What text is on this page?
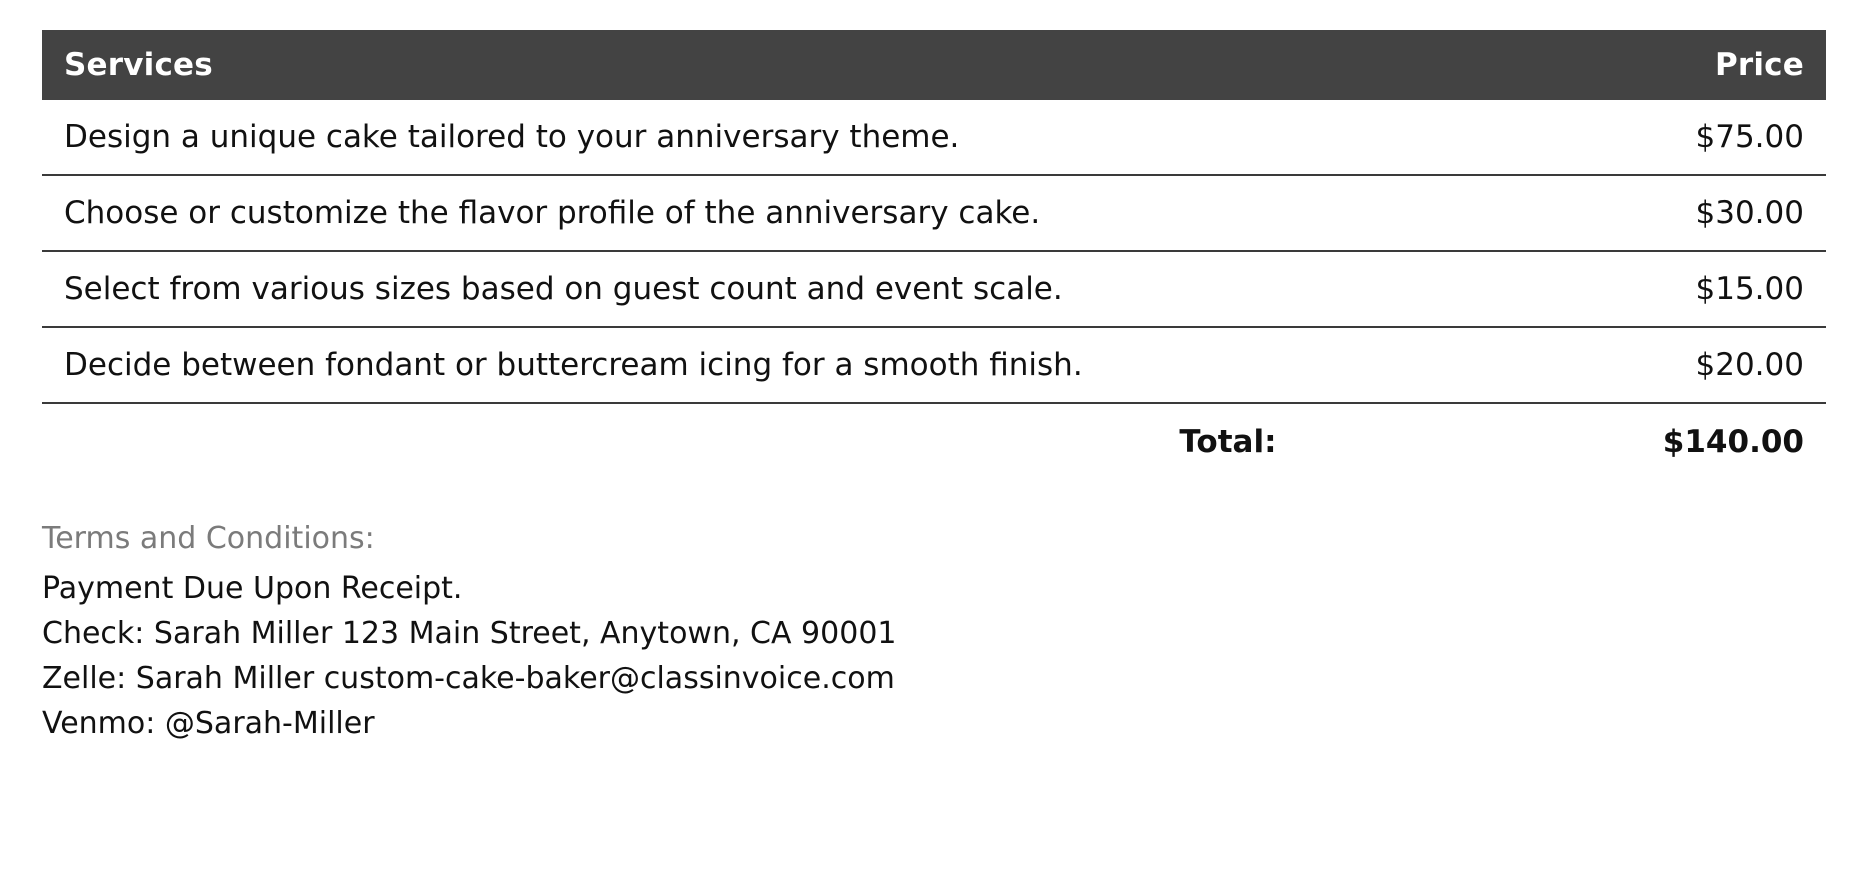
Services	Price
Design a unique cake tailored to your anniversary theme.	$75.00
Choose or customize the flavor profile of the anniversary cake.	$30.00
Select from various sizes based on guest count and event scale.	$15.00
Decide between fondant or buttercream icing for a smooth finish.	$20.00
Total:	$140.00
Terms and Conditions:
Payment Due Upon Receipt.
Check: Sarah Miller 123 Main Street, Anytown, CA 90001
Zelle: Sarah Miller custom-cake-baker@classinvoice.com
Venmo: @Sarah-Miller
